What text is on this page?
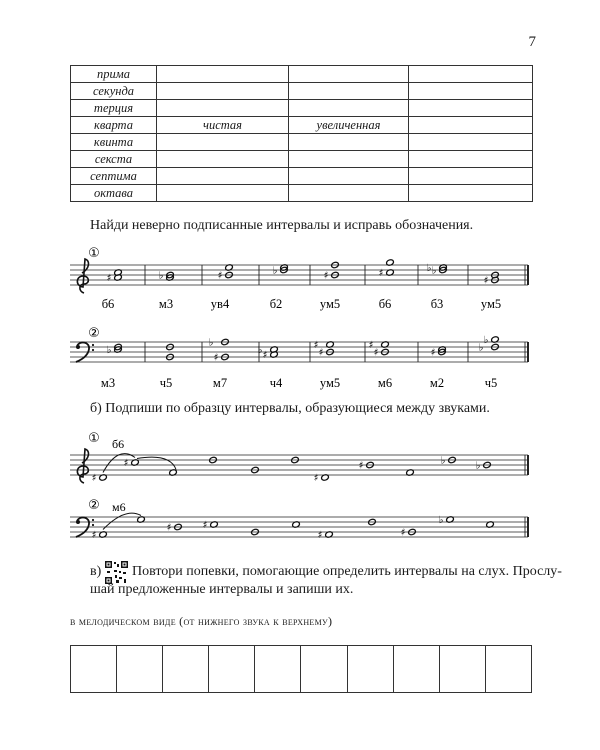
7
прима			
секунда			
терция			
кварта	чистая	увеличенная	
квинта			
секста			
септима			
октава			
Найди неверно подписанные интервалы и исправь обозначения.
①
♯	♭	♯	♭	♯	♯	♭
♭
♯
б6	м3	ув4	б2	ум5	б6	б3	ум5
②
♭
♯
♭
♯
♭	♯
♯
♯
♯
♯
♭
♭
м3	ч5	м7	ч4	ум5	м6	м2	ч5
б) Подпиши по образцу интервалы, образующиеся между звуками.
① б6
♯
♯
♯
♯	♭	♭
② м6
♯
♯	♯
♯	♯
♭
в) Повтори попевки, помогающие определить интервалы на слух. Прослу-
шай предложенные интервалы и запиши их.
в мелодическом виде (от нижнего звука к верхнему)
